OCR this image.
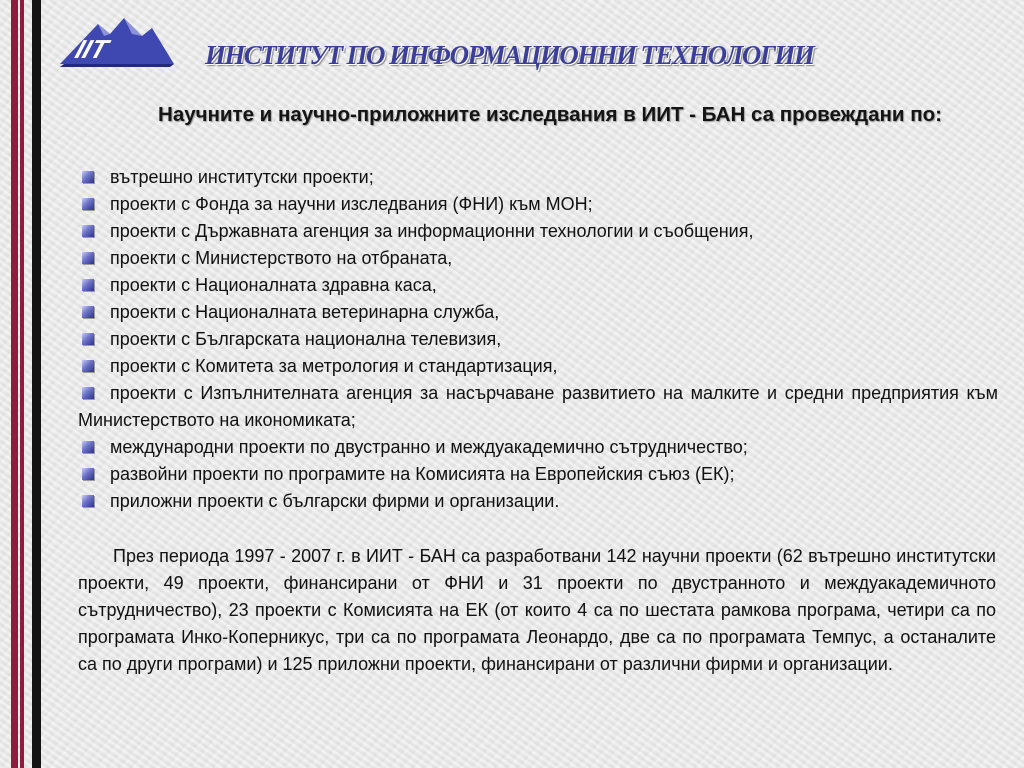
IIT	ИНСТИТУТ ПО ИНФОРМАЦИОННИ ТЕХНОЛОГИИ
Научните и научно-приложните изследвания в ИИТ - БАН са провеждани по:
вътрешно институтски проекти;
проекти с Фонда за научни изследвания (ФНИ) към МОН;
проекти с Държавната агенция за информационни технологии и съобщения,
проекти с Министерството на отбраната,
проекти с Националната здравна каса,
проекти с Националната ветеринарна служба,
проекти с Българската национална телевизия,
проекти с Комитета за метрология и стандартизация,
проекти с Изпълнителната агенция за насърчаване развитието на малките и средни предприятия към Министерството на икономиката;
международни проекти по двустранно и междуакадемично сътрудничество;
развойни проекти по програмите на Комисията на Европейския съюз (ЕК);
приложни проекти с български фирми и организации.
През периода 1997 - 2007 г. в ИИТ - БАН са разработвани 142 научни проекти (62 вътрешно институтски проекти, 49 проекти, финансирани от ФНИ и 31 проекти по двустранното и междуакадемичното сътрудничество), 23 проекти с Комисията на ЕК (от които 4 са по шестата рамкова програма, четири са по програмата Инко-Коперникус, три са по програмата Леонардо, две са по програмата Темпус, а останалите са по други програми) и 125 приложни проекти, финансирани от различни фирми и организации.
